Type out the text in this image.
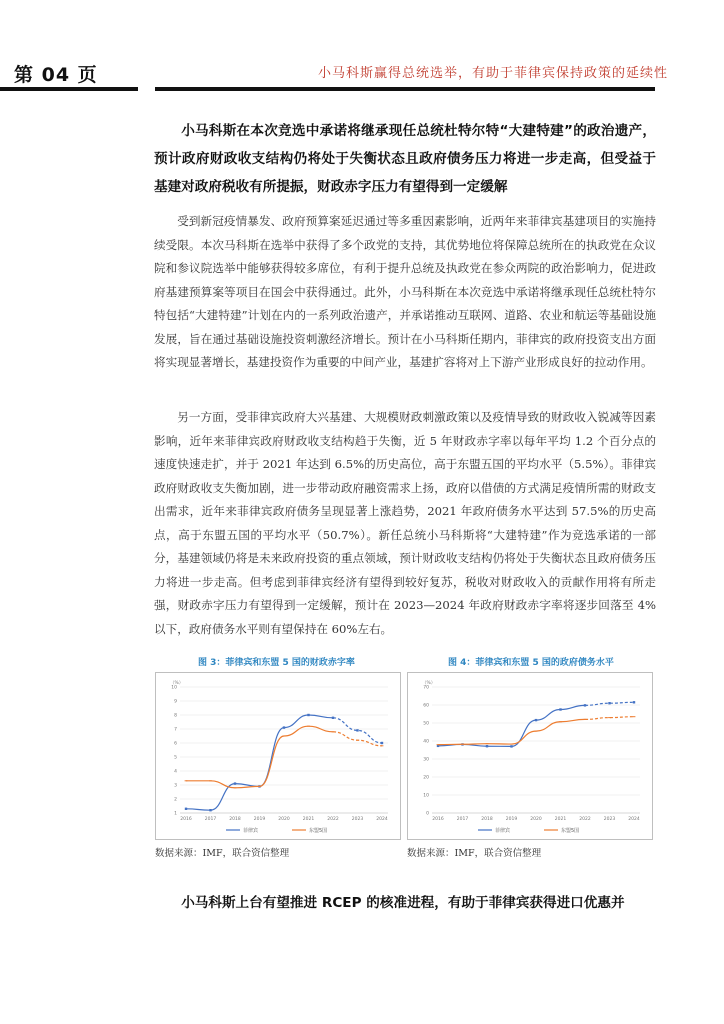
第 04 页	小马科斯赢得总统选举，有助于菲律宾保持政策的延续性
小马科斯在本次竞选中承诺将继承现任总统杜特尔特“大建特建”的政治遗产，预计政府财政收支结构仍将处于失衡状态且政府债务压力将进一步走高，但受益于基建对政府税收有所提振，财政赤字压力有望得到一定缓解

受到新冠疫情暴发、政府预算案延迟通过等多重因素影响，近两年来菲律宾基建项目的实施持续受限。本次马科斯在选举中获得了多个政党的支持，其优势地位将保障总统所在的执政党在众议院和参议院选举中能够获得较多席位，有利于提升总统及执政党在参众两院的政治影响力，促进政府基建预算案等项目在国会中获得通过。此外，小马科斯在本次竞选中承诺将继承现任总统杜特尔特包括“大建特建”计划在内的一系列政治遗产，并承诺推动互联网、道路、农业和航运等基础设施发展，旨在通过基础设施投资刺激经济增长。预计在小马科斯任期内，菲律宾的政府投资支出方面将实现显著增长，基建投资作为重要的中间产业，基建扩容将对上下游产业形成良好的拉动作用。

另一方面，受菲律宾政府大兴基建、大规模财政刺激政策以及疫情导致的财政收入锐减等因素影响，近年来菲律宾政府财政收支结构趋于失衡，近 5 年财政赤字率以每年平均 1.2 个百分点的速度快速走扩，并于 2021 年达到 6.5%的历史高位，高于东盟五国的平均水平（5.5%）。菲律宾政府财政收支失衡加剧，进一步带动政府融资需求上扬，政府以借债的方式满足疫情所需的财政支出需求，近年来菲律宾政府债务呈现显著上涨趋势，2021 年政府债务水平达到 57.5%的历史高点，高于东盟五国的平均水平（50.7%）。新任总统小马科斯将“大建特建”作为竞选承诺的一部分，基建领域仍将是未来政府投资的重点领域，预计财政收支结构仍将处于失衡状态且政府债务压力将进一步走高。但考虑到菲律宾经济有望得到较好复苏，税收对财政收入的贡献作用将有所走强，财政赤字压力有望得到一定缓解，预计在 2023—2024 年政府财政赤字率将逐步回落至 4%以下，政府债务水平则有望保持在 60%左右。

图 3：菲律宾和东盟 5 国的财政赤字率	图 4：菲律宾和东盟 5 国的政府债务水平
（%）
1
2
3
4
5
6
7
8
9
10
2016	2017	2018	2019	2020	2021	2022	2023	2024
菲律宾	东盟5国
（%）
0
10
20
30
40
50
60
70
2016	2017	2018	2019	2020	2021	2022	2023	2024
菲律宾	东盟5国
数据来源：IMF，联合资信整理	数据来源：IMF，联合资信整理
小马科斯上台有望推进 RCEP 的核准进程，有助于菲律宾获得进口优惠并
